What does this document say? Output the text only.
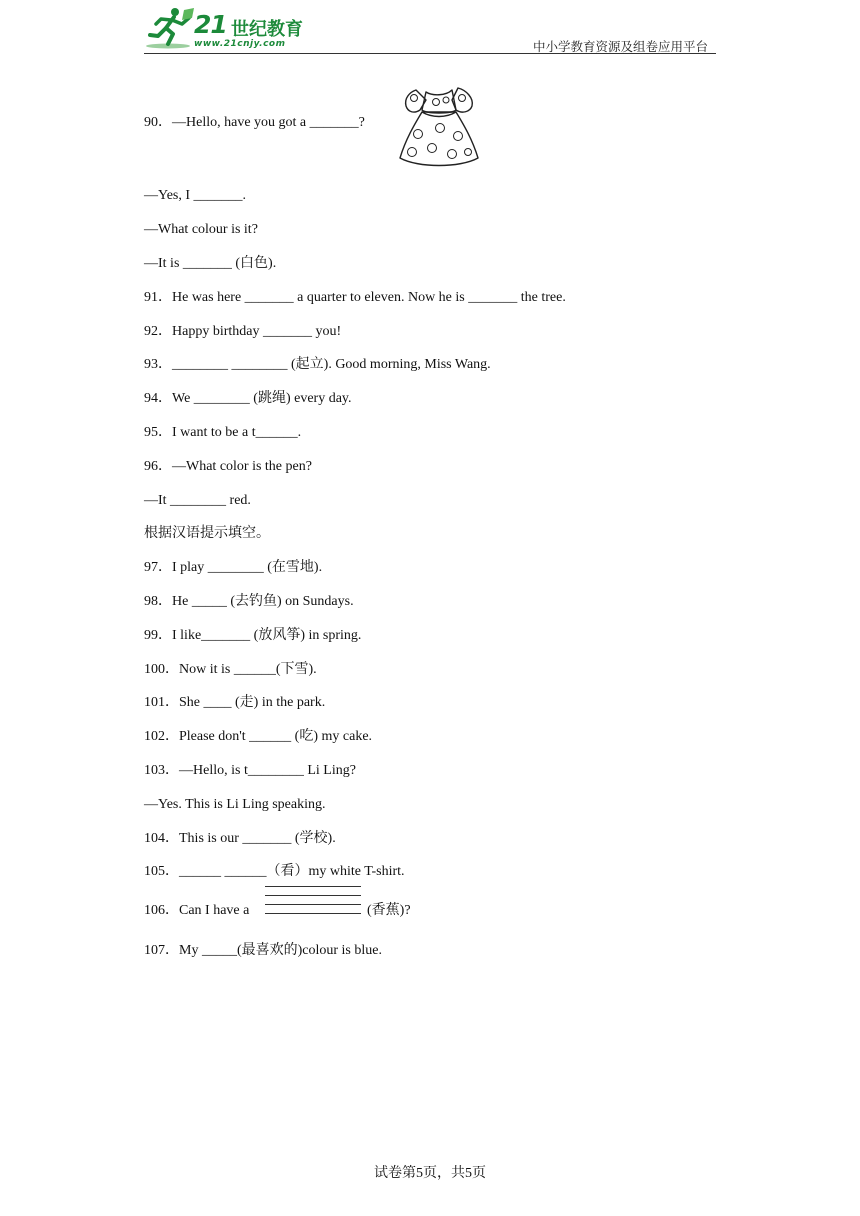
21 世纪教育
www.21cnjy.com	中小学教育资源及组卷应用平台
90．—Hello, have you got a _______?
—Yes, I _______.
—What colour is it?
—It is _______ (白色).
91．He was here _______ a quarter to eleven. Now he is _______ the tree.
92．Happy birthday _______ you!
93．________ ________ (起立). Good morning, Miss Wang.
94．We ________ (跳绳) every day.
95．I want to be a t______.
96．—What color is the pen?
—It ________ red.
根据汉语提示填空。
97．I play ________ (在雪地).
98．He _____ (去钓鱼) on Sundays.
99．I like_______ (放风筝) in spring.
100．Now it is ______(下雪).
101．She ____ (走) in the park.
102．Please don't ______ (吃) my cake.
103．—Hello, is t________ Li Ling?
—Yes. This is Li Ling speaking.
104．This is our _______ (学校).
105．______ ______（看）my white T-shirt.
106．Can I have a	(香蕉)?
107．My _____(最喜欢的)colour is blue.
试卷第5页，共5页
